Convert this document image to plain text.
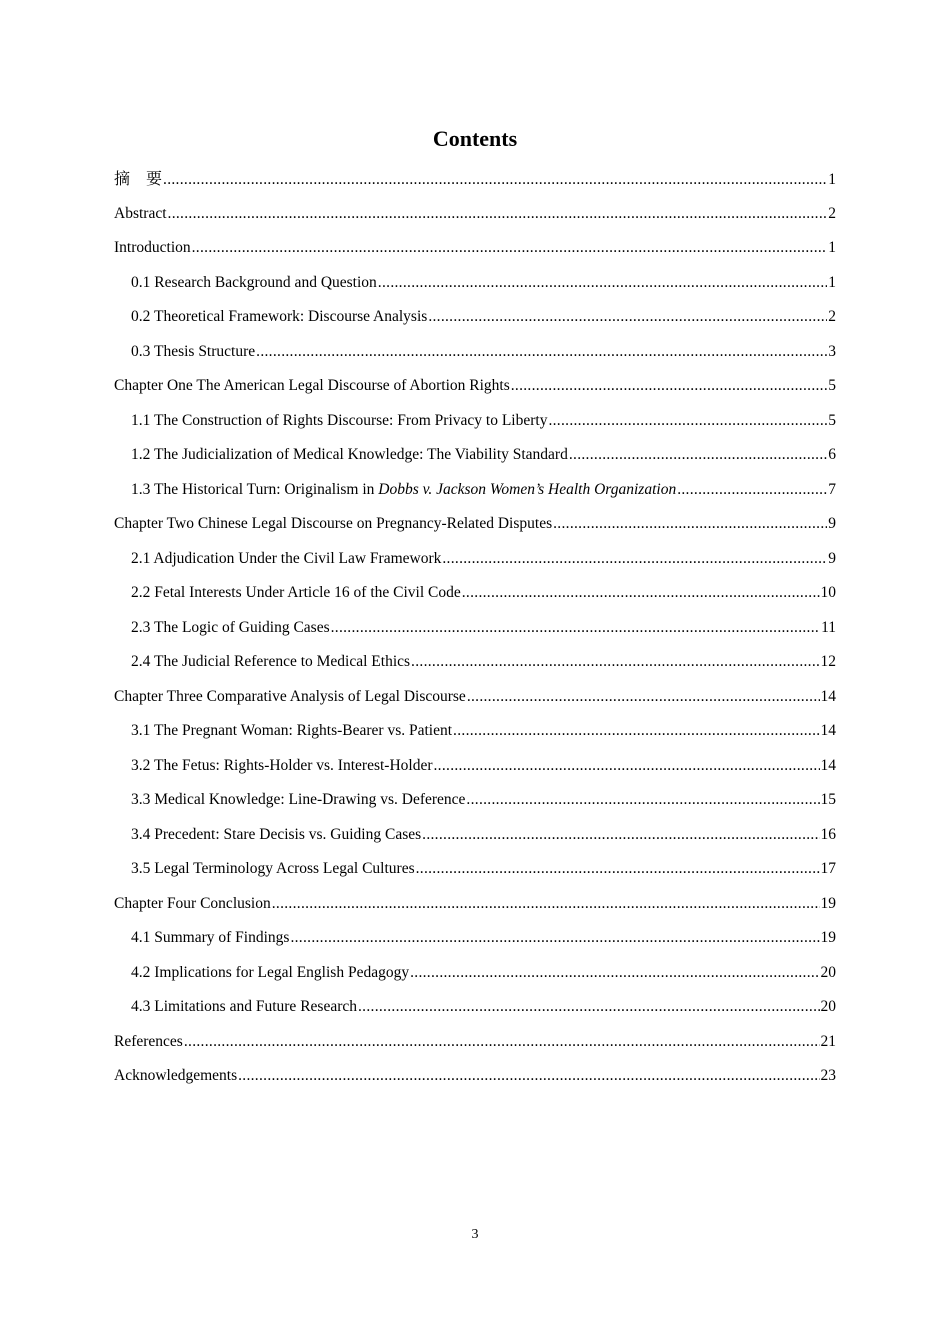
Contents
摘　要 .....	1
Abstract .....	2
Introduction .....	1
0.1 Research Background and Question .....	1
0.2 Theoretical Framework: Discourse Analysis .....	2
0.3 Thesis Structure .....	3
Chapter One The American Legal Discourse of Abortion Rights .....	5
1.1 The Construction of Rights Discourse: From Privacy to Liberty .....	5
1.2 The Judicialization of Medical Knowledge: The Viability Standard .....	6
1.3 The Historical Turn: Originalism in Dobbs v. Jackson Women’s Health Organization .....	7
Chapter Two Chinese Legal Discourse on Pregnancy-Related Disputes .....	9
2.1 Adjudication Under the Civil Law Framework .....	9
2.2 Fetal Interests Under Article 16 of the Civil Code .....	10
2.3 The Logic of Guiding Cases .....	11
2.4 The Judicial Reference to Medical Ethics .....	12
Chapter Three Comparative Analysis of Legal Discourse .....	14
3.1 The Pregnant Woman: Rights-Bearer vs. Patient .....	14
3.2 The Fetus: Rights-Holder vs. Interest-Holder .....	14
3.3 Medical Knowledge: Line-Drawing vs. Deference .....	15
3.4 Precedent: Stare Decisis vs. Guiding Cases .....	16
3.5 Legal Terminology Across Legal Cultures .....	17
Chapter Four Conclusion .....	19
4.1 Summary of Findings .....	19
4.2 Implications for Legal English Pedagogy .....	20
4.3 Limitations and Future Research .....	20
References .....	21
Acknowledgements .....	23
3
